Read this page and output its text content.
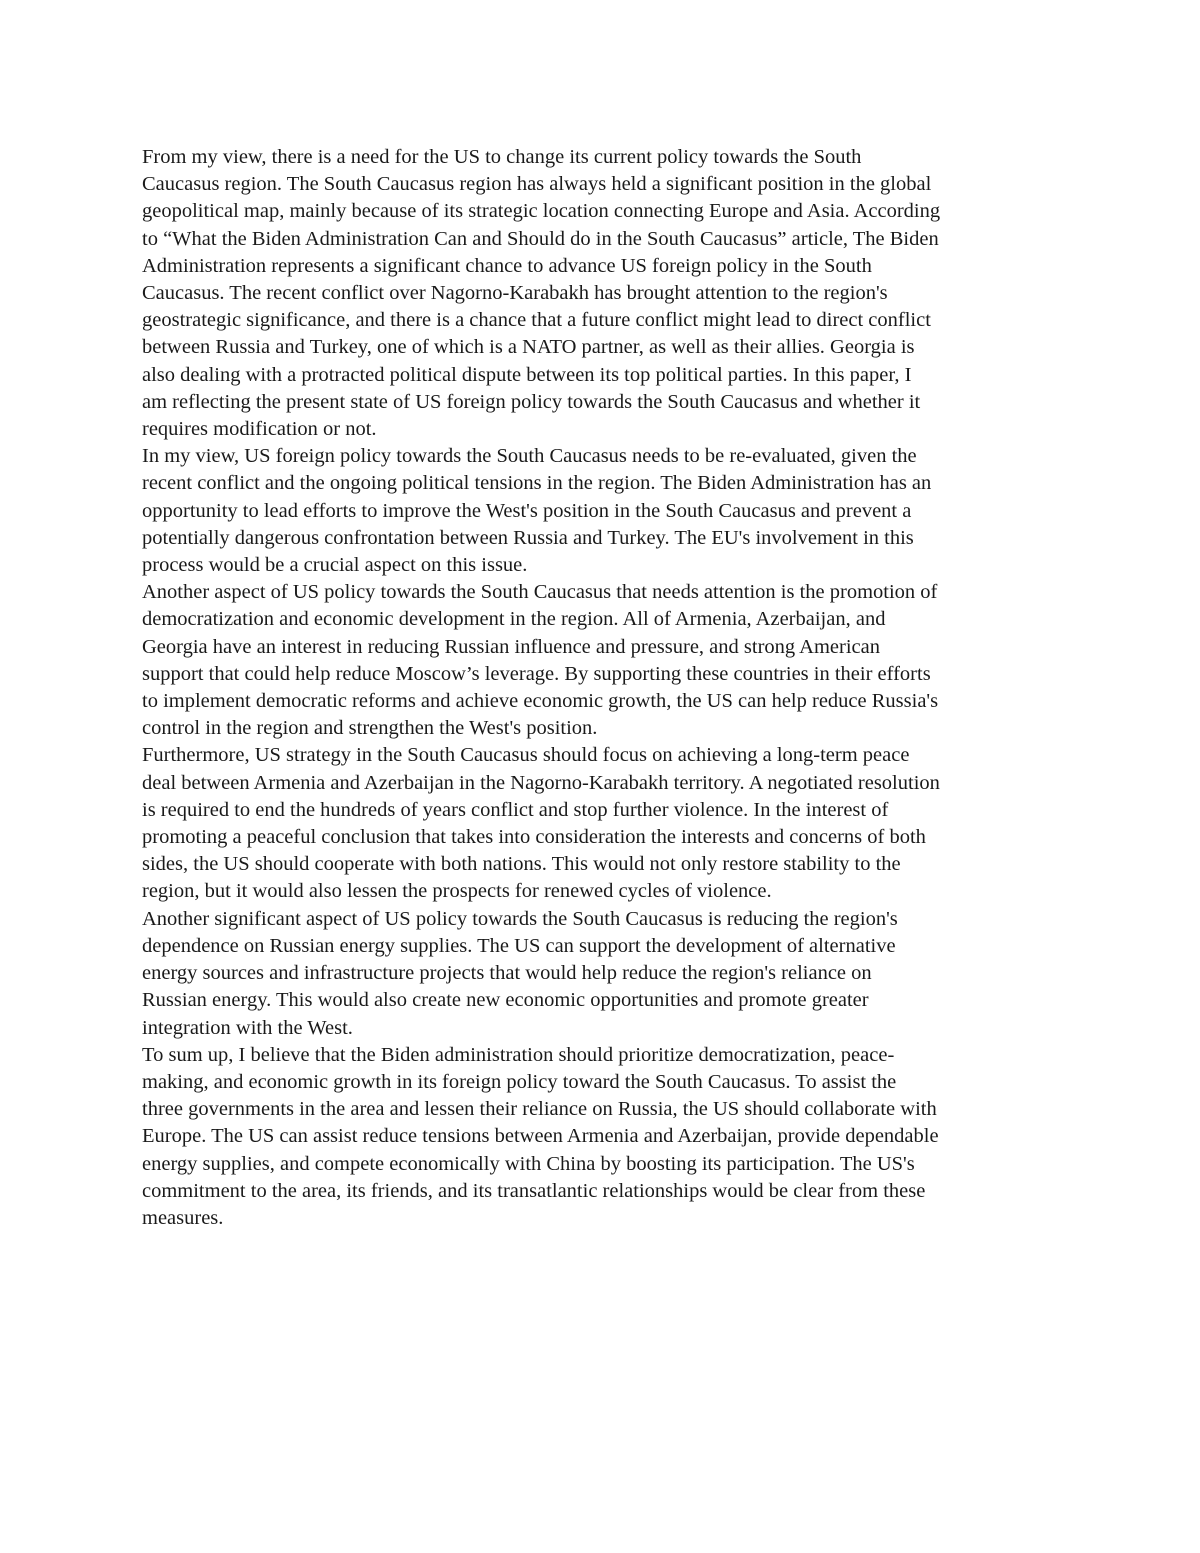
From my view, there is a need for the US to change its current policy towards the South
Caucasus region. The South Caucasus region has always held a significant position in the global
geopolitical map, mainly because of its strategic location connecting Europe and Asia. According
to “What the Biden Administration Can and Should do in the South Caucasus” article, The Biden
Administration represents a significant chance to advance US foreign policy in the South
Caucasus. The recent conflict over Nagorno-Karabakh has brought attention to the region's
geostrategic significance, and there is a chance that a future conflict might lead to direct conflict
between Russia and Turkey, one of which is a NATO partner, as well as their allies. Georgia is
also dealing with a protracted political dispute between its top political parties. In this paper, I
am reflecting the present state of US foreign policy towards the South Caucasus and whether it
requires modification or not.

In my view, US foreign policy towards the South Caucasus needs to be re-evaluated, given the
recent conflict and the ongoing political tensions in the region. The Biden Administration has an
opportunity to lead efforts to improve the West's position in the South Caucasus and prevent a
potentially dangerous confrontation between Russia and Turkey. The EU's involvement in this
process would be a crucial aspect on this issue.

Another aspect of US policy towards the South Caucasus that needs attention is the promotion of
democratization and economic development in the region. All of Armenia, Azerbaijan, and
Georgia have an interest in reducing Russian influence and pressure, and strong American
support that could help reduce Moscow’s leverage. By supporting these countries in their efforts
to implement democratic reforms and achieve economic growth, the US can help reduce Russia's
control in the region and strengthen the West's position.

Furthermore, US strategy in the South Caucasus should focus on achieving a long-term peace
deal between Armenia and Azerbaijan in the Nagorno-Karabakh territory. A negotiated resolution
is required to end the hundreds of years conflict and stop further violence. In the interest of
promoting a peaceful conclusion that takes into consideration the interests and concerns of both
sides, the US should cooperate with both nations. This would not only restore stability to the
region, but it would also lessen the prospects for renewed cycles of violence.

Another significant aspect of US policy towards the South Caucasus is reducing the region's
dependence on Russian energy supplies. The US can support the development of alternative
energy sources and infrastructure projects that would help reduce the region's reliance on
Russian energy. This would also create new economic opportunities and promote greater
integration with the West.

To sum up, I believe that the Biden administration should prioritize democratization, peace-
making, and economic growth in its foreign policy toward the South Caucasus. To assist the
three governments in the area and lessen their reliance on Russia, the US should collaborate with
Europe. The US can assist reduce tensions between Armenia and Azerbaijan, provide dependable
energy supplies, and compete economically with China by boosting its participation. The US's
commitment to the area, its friends, and its transatlantic relationships would be clear from these
measures.
